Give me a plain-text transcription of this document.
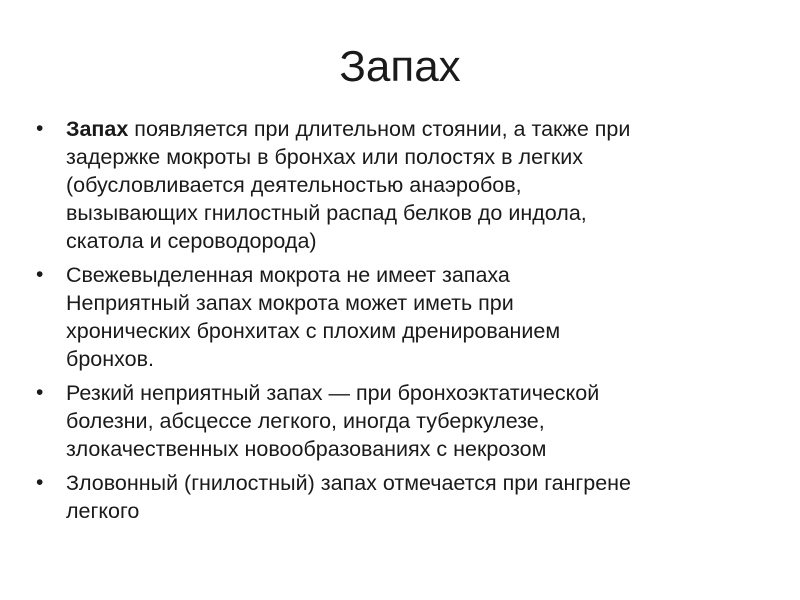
Запах
• Запах появляется при длительном стоянии, а также при

задержке мокроты в бронхах или полостях в легких

(обусловливается деятельностью анаэробов,

вызывающих гнилостный распад белков до индола,

скатола и сероводорода)

• Свежевыделенная мокрота не имеет запаха

Неприятный запах мокрота может иметь при

хронических бронхитах с плохим дренированием

бронхов.

• Резкий неприятный запах — при бронхоэктатической

болезни, абсцессе легкого, иногда туберкулезе,

злокачественных новообразованиях с некрозом

• Зловонный (гнилостный) запах отмечается при гангрене

легкого
